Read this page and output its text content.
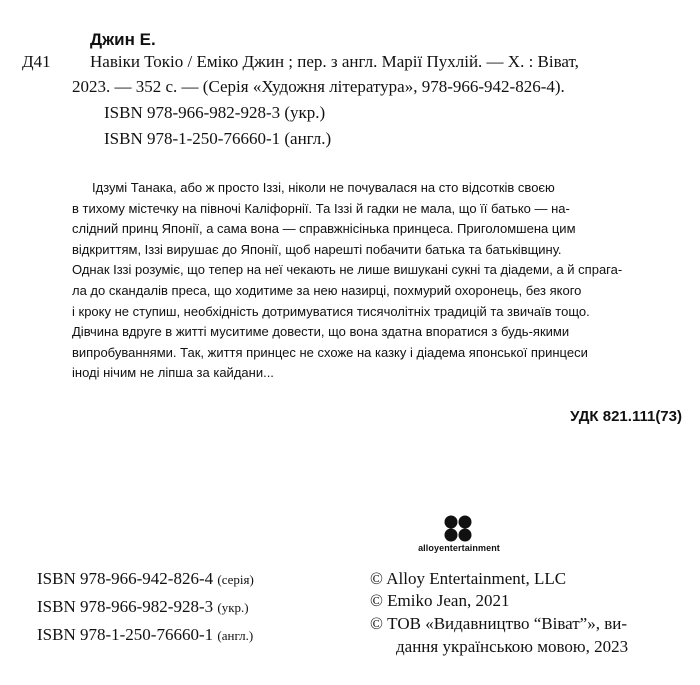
Джин Е.
Д41 Навіки Токіо / Еміко Джин ; пер. з англ. Марії Пухлій. — Х. : Віват,
2023. — 352 с. — (Серія «Художня література», 978-966-942-826-4).
ISBN 978-966-982-928-3 (укр.)
ISBN 978-1-250-76660-1 (англ.)
Ідзумі Танака, або ж просто Іззі, ніколи не почувалася на сто відсотків своєю
в тихому містечку на півночі Каліфорнії. Та Іззі й гадки не мала, що її батько — на-
слідний принц Японії, а сама вона — справжнісінька принцеса. Приголомшена цим
відкриттям, Іззі вирушає до Японії, щоб нарешті побачити батька та батьківщину.
Однак Іззі розуміє, що тепер на неї чекають не лише вишукані сукні та діадеми, а й спрага-
ла до скандалів преса, що ходитиме за нею назирці, похмурий охоронець, без якого
і кроку не ступиш, необхідність дотримуватися тисячолітніх традицій та звичаїв тощо.
Дівчина вдруге в житті муситиме довести, що вона здатна впоратися з будь-якими
випробуваннями. Так, життя принцес не схоже на казку і діадема японської принцеси
іноді нічим не ліпша за кайдани...
УДК 821.111(73)
alloyentertainment
ISBN 978-966-942-826-4 (серія)
ISBN 978-966-982-928-3 (укр.)
ISBN 978-1-250-76660-1 (англ.)
© Alloy Entertainment, LLC
© Emiko Jean, 2021
© ТОВ «Видавництво “Віват”», ви-
дання українською мовою, 2023
